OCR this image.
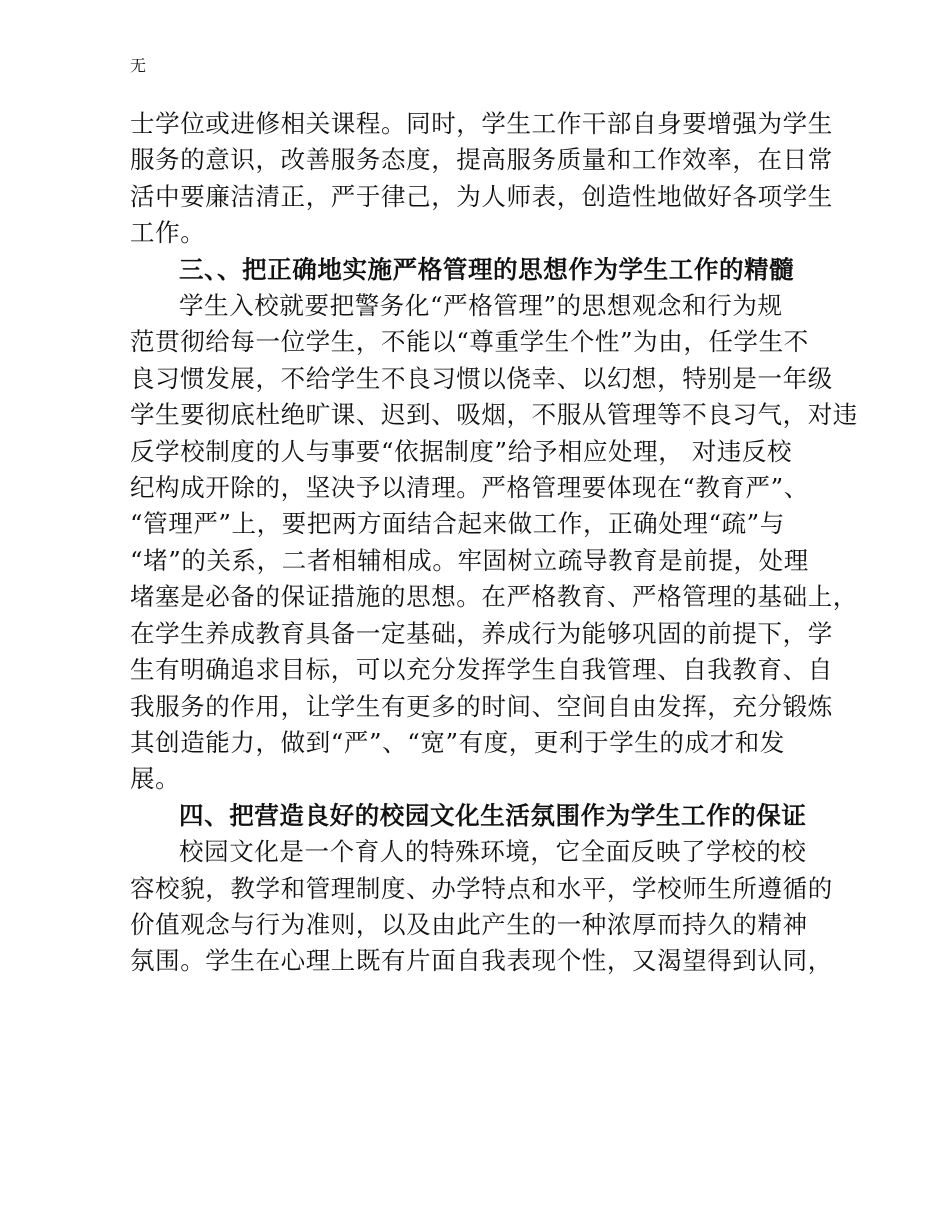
无
士学位或进修相关课程。同时，学生工作干部自身要增强为学生
服务的意识，改善服务态度，提高服务质量和工作效率，在日常
活中要廉洁清正，严于律己，为人师表，创造性地做好各项学生
工作。
三、、把正确地实施严格管理的思想作为学生工作的精髓
学生入校就要把警务化“严格管理”的思想观念和行为规
范贯彻给每一位学生，不能以“尊重学生个性”为由，任学生不
良习惯发展，不给学生不良习惯以侥幸、以幻想，特别是一年级
学生要彻底杜绝旷课、迟到、吸烟，不服从管理等不良习气，对违
反学校制度的人与事要“依据制度”给予相应处理， 对违反校
纪构成开除的，坚决予以清理。严格管理要体现在“教育严”、
“管理严”上，要把两方面结合起来做工作，正确处理“疏”与
“堵”的关系，二者相辅相成。牢固树立疏导教育是前提，处理
堵塞是必备的保证措施的思想。在严格教育、严格管理的基础上，
在学生养成教育具备一定基础，养成行为能够巩固的前提下，学
生有明确追求目标，可以充分发挥学生自我管理、自我教育、自
我服务的作用，让学生有更多的时间、空间自由发挥，充分锻炼
其创造能力，做到“严”、“宽”有度，更利于学生的成才和发
展。
四、把营造良好的校园文化生活氛围作为学生工作的保证
校园文化是一个育人的特殊环境，它全面反映了学校的校
容校貌，教学和管理制度、办学特点和水平，学校师生所遵循的
价值观念与行为准则，以及由此产生的一种浓厚而持久的精神
氛围。学生在心理上既有片面自我表现个性，又渴望得到认同，
